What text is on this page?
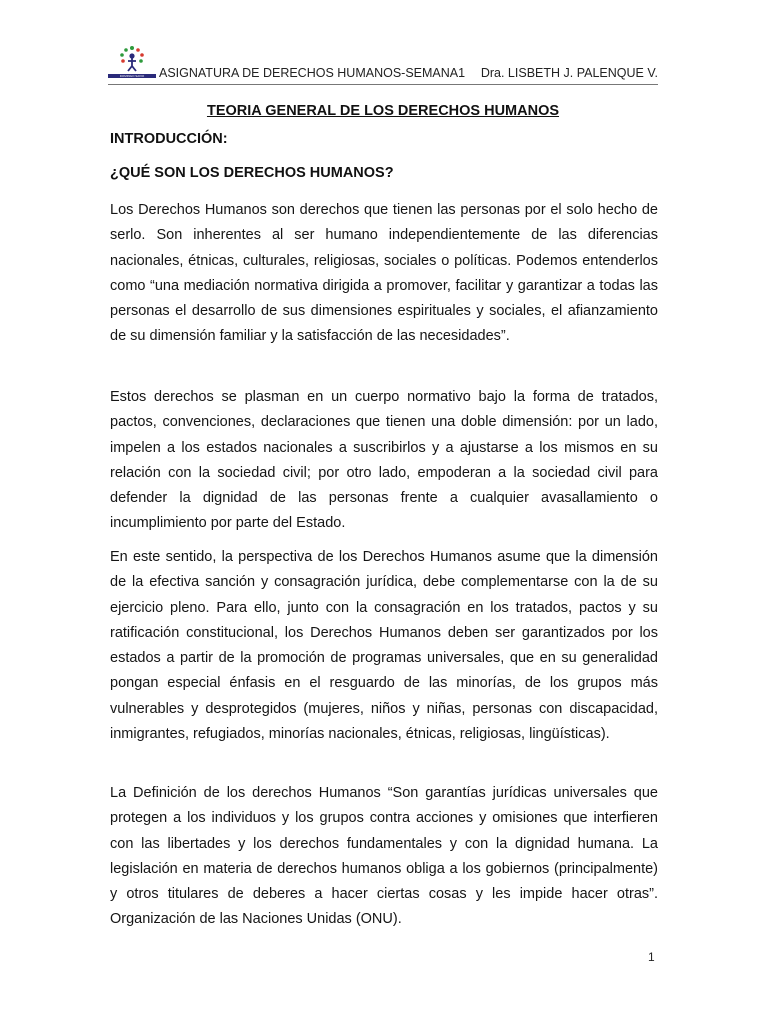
DOMINGO SAVIO	ASIGNATURA DE DERECHOS HUMANOS-SEMANA1 Dra. LISBETH J. PALENQUE V.
TEORIA GENERAL DE LOS DERECHOS HUMANOS
INTRODUCCIÓN:
¿QUÉ SON LOS DERECHOS HUMANOS?

Los Derechos Humanos son derechos que tienen las personas por el solo hecho de serlo. Son inherentes al ser humano independientemente de las diferencias nacionales, étnicas, culturales, religiosas, sociales o políticas. Podemos entenderlos como “una mediación normativa dirigida a promover, facilitar y garantizar a todas las personas el desarrollo de sus dimensiones espirituales y sociales, el afianzamiento de su dimensión familiar y la satisfacción de las necesidades”.

Estos derechos se plasman en un cuerpo normativo bajo la forma de tratados, pactos, convenciones, declaraciones que tienen una doble dimensión: por un lado, impelen a los estados nacionales a suscribirlos y a ajustarse a los mismos en su relación con la sociedad civil; por otro lado, empoderan a la sociedad civil para defender la dignidad de las personas frente a cualquier avasallamiento o incumplimiento por parte del Estado.

En este sentido, la perspectiva de los Derechos Humanos asume que la dimensión de la efectiva sanción y consagración jurídica, debe complementarse con la de su ejercicio pleno. Para ello, junto con la consagración en los tratados, pactos y su ratificación constitucional, los Derechos Humanos deben ser garantizados por los estados a partir de la promoción de programas universales, que en su generalidad pongan especial énfasis en el resguardo de las minorías, de los grupos más vulnerables y desprotegidos (mujeres, niños y niñas, personas con discapacidad, inmigrantes, refugiados, minorías nacionales, étnicas, religiosas, lingüísticas).

La Definición de los derechos Humanos “Son garantías jurídicas universales que protegen a los individuos y los grupos contra acciones y omisiones que interfieren con las libertades y los derechos fundamentales y con la dignidad humana. La legislación en materia de derechos humanos obliga a los gobiernos (principalmente) y otros titulares de deberes a hacer ciertas cosas y les impide hacer otras”. Organización de las Naciones Unidas (ONU).

1
